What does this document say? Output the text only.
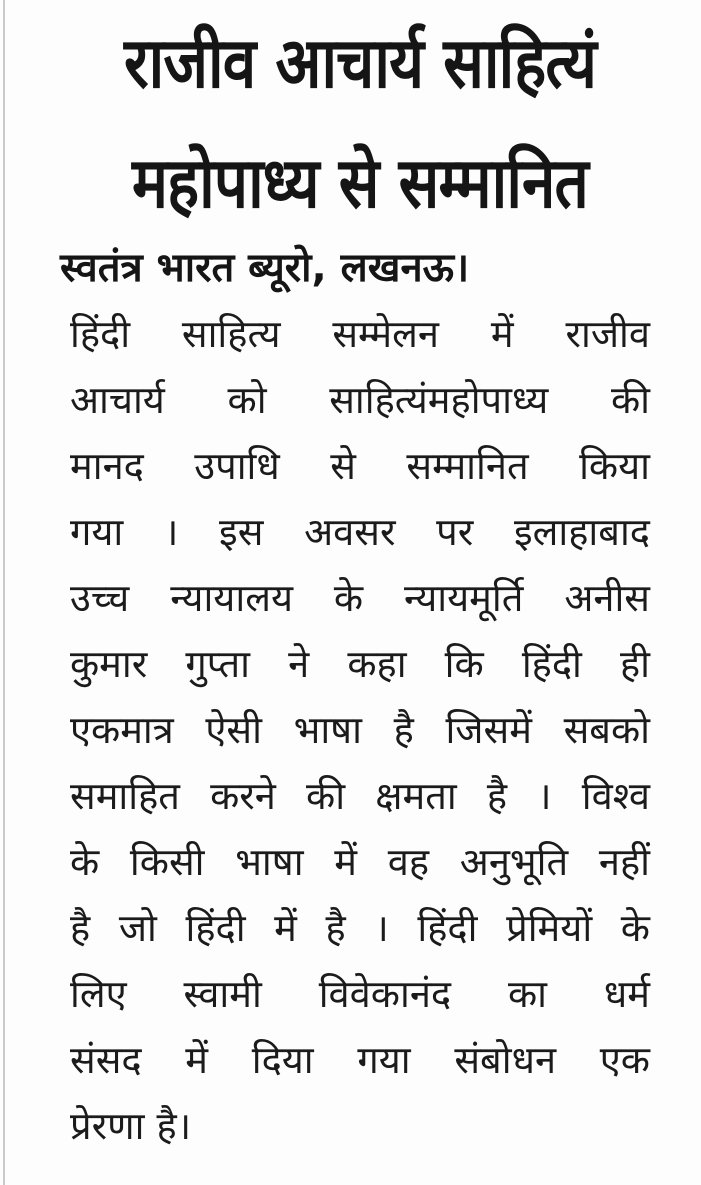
राजीव आचार्य साहित्यं
महोपाध्य से सम्मानित
स्वतंत्र भारत ब्यूरो, लखनऊ।
हिंदी साहित्य सम्मेलन में राजीव
आचार्य को साहित्यंमहोपाध्य की
मानद उपाधि से सम्मानित किया
गया । इस अवसर पर इलाहाबाद
उच्च न्यायालय के न्यायमूर्ति अनीस
कुमार गुप्ता ने कहा कि हिंदी ही
एकमात्र ऐसी भाषा है जिसमें सबको
समाहित करने की क्षमता है । विश्व
के किसी भाषा में वह अनुभूति नहीं
है जो हिंदी में है । हिंदी प्रेमियों के
लिए स्वामी विवेकानंद का धर्म
संसद में दिया गया संबोधन एक
प्रेरणा है।
